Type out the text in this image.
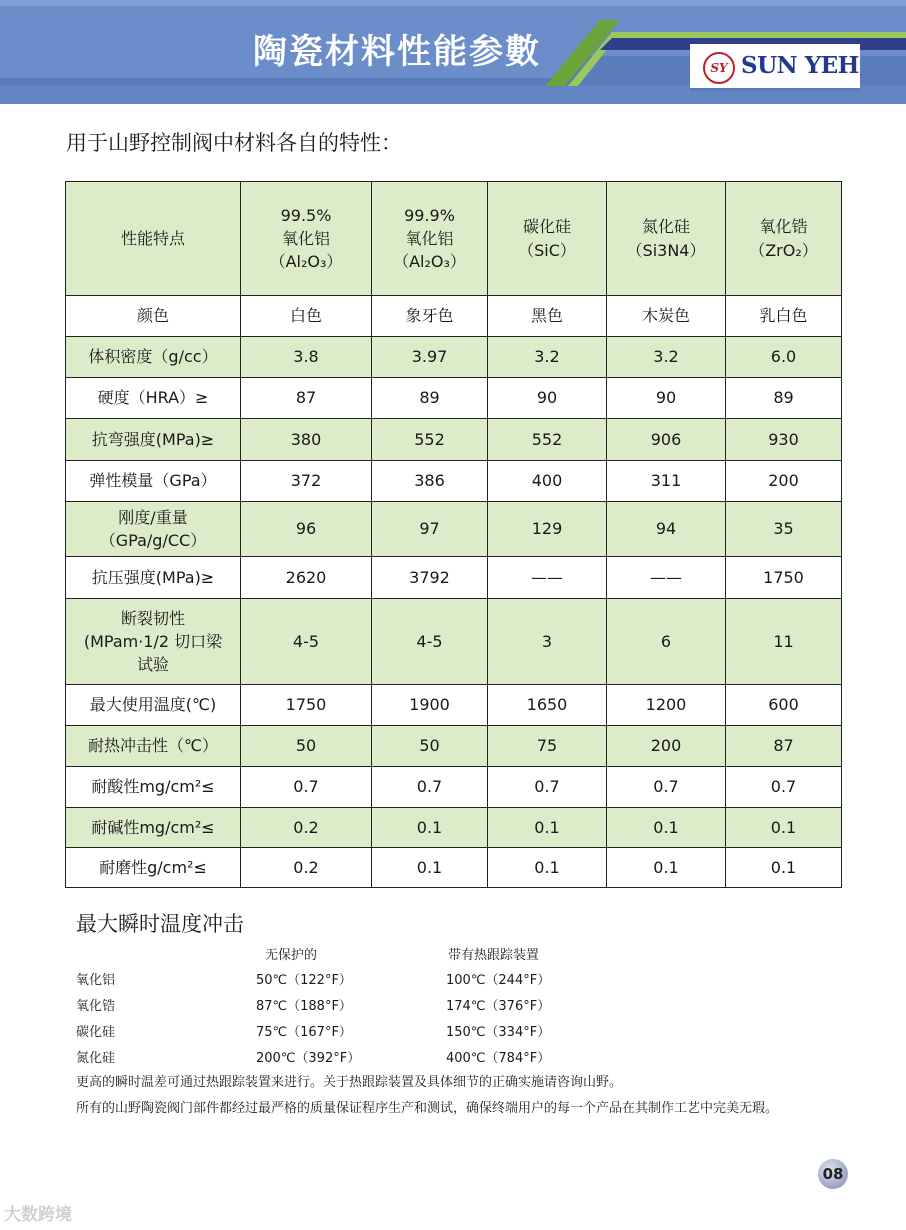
陶瓷材料性能参數	SY SUN YEH
用于山野控制阀中材料各自的特性：
性能特点	99.5%
氧化铝
（Al₂O₃）	99.9%
氧化铝
（Al₂O₃）	碳化硅
（SiC）	氮化硅
（Si3N4）	氧化锆
（ZrO₂）

颜色	白色	象牙色	黑色	木炭色	乳白色

体积密度（g/cc）	3.8	3.97	3.2	3.2	6.0

硬度（HRA）≥	87	89	90	90	89

抗弯强度(MPa)≥	380	552	552	906	930

弹性模量（GPa）	372	386	400	311	200

刚度/重量
（GPa/g/CC）	96	97	129	94	35

抗压强度(MPa)≥	2620	3792	——	——	1750

断裂韧性
(MPam·1/2 切口梁
试验	4-5	4-5	3	6	11

最大使用温度(℃)	1750	1900	1650	1200	600

耐热冲击性（℃）	50	50	75	200	87

耐酸性mg/cm²≤	0.7	0.7	0.7	0.7	0.7

耐碱性mg/cm²≤	0.2	0.1	0.1	0.1	0.1

耐磨性g/cm²≤	0.2	0.1	0.1	0.1	0.1
最大瞬时温度冲击
无保护的	带有热跟踪装置
氧化铝	50℃（122°F）	100℃（244°F）
氧化锆	87℃（188°F）	174℃（376°F）
碳化硅	75℃（167°F）	150℃（334°F）
氮化硅	200℃（392°F）	400℃（784°F）
更高的瞬时温差可通过热跟踪装置来进行。关于热跟踪装置及具体细节的正确实施请咨询山野。
所有的山野陶瓷阀门部件都经过最严格的质量保证程序生产和测试，确保终端用户的每一个产品在其制作工艺中完美无瑕。
08
大数跨境
